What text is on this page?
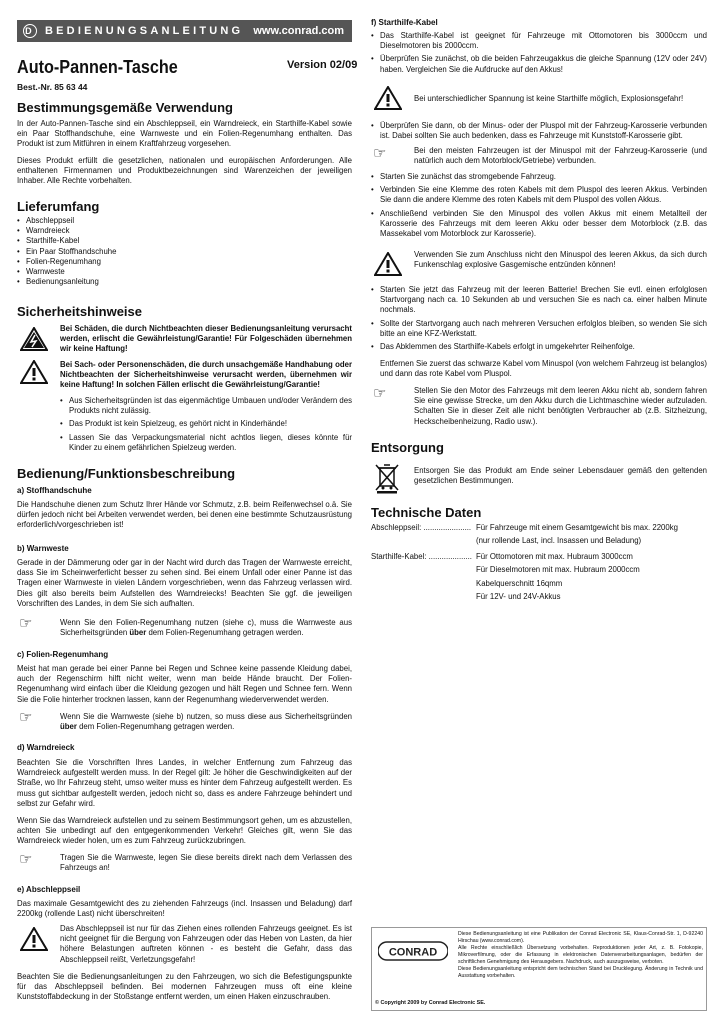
D BEDIENUNGSANLEITUNG www.conrad.com
Auto-Pannen-Tasche	Version 02/09
Best.-Nr. 85 63 44
Bestimmungsgemäße Verwendung
In der Auto-Pannen-Tasche sind ein Abschleppseil, ein Warndreieck, ein Starthilfe-Kabel sowie ein Paar Stoffhandschuhe, eine Warnweste und ein Folien-Regenumhang enthalten. Das Produkt ist zum Mitführen in einem Kraftfahrzeug vorgesehen.
Dieses Produkt erfüllt die gesetzlichen, nationalen und europäischen Anforderungen. Alle enthaltenen Firmennamen und Produktbezeichnungen sind Warenzeichen der jeweiligen Inhaber. Alle Rechte vorbehalten.
Lieferumfang
• Abschleppseil
• Warndreieck
• Starthilfe-Kabel
• Ein Paar Stoffhandschuhe
• Folien-Regenumhang
• Warnweste
• Bedienungsanleitung
Sicherheitshinweise
Bei Schäden, die durch Nichtbeachten dieser Bedienungsanleitung verursacht werden, erlischt die Gewährleistung/Garantie! Für Folgeschäden übernehmen wir keine Haftung!
Bei Sach- oder Personenschäden, die durch unsachgemäße Handhabung oder Nichtbeachten der Sicherheitshinweise verursacht werden, übernehmen wir keine Haftung! In solchen Fällen erlischt die Gewährleistung/Garantie!
• Aus Sicherheitsgründen ist das eigenmächtige Umbauen und/oder Verändern des Produkts nicht zulässig.
• Das Produkt ist kein Spielzeug, es gehört nicht in Kinderhände!
• Lassen Sie das Verpackungsmaterial nicht achtlos liegen, dieses könnte für Kinder zu einem gefährlichen Spielzeug werden.
Bedienung/Funktionsbeschreibung
a) Stoffhandschuhe
Die Handschuhe dienen zum Schutz Ihrer Hände vor Schmutz, z.B. beim Reifenwechsel o.ä. Sie dürfen jedoch nicht bei Arbeiten verwendet werden, bei denen eine bestimmte Schutzausrüstung erforderlich/vorgeschrieben ist!
b) Warnweste
Gerade in der Dämmerung oder gar in der Nacht wird durch das Tragen der Warnweste erreicht, dass Sie im Scheinwerferlicht besser zu sehen sind. Bei einem Unfall oder einer Panne ist das Tragen einer Warnweste in vielen Ländern vorgeschrieben, wenn das Fahrzeug verlassen wird. Dies gilt also bereits beim Aufstellen des Warndreiecks! Beachten Sie ggf. die jeweiligen Vorschriften des Landes, in dem Sie sich aufhalten.
☞	Wenn Sie den Folien-Regenumhang nutzen (siehe c), muss die Warnweste aus Sicherheitsgründen über dem Folien-Regenumhang getragen werden.
c) Folien-Regenumhang
Meist hat man gerade bei einer Panne bei Regen und Schnee keine passende Kleidung dabei, auch der Regenschirm hilft nicht weiter, wenn man beide Hände braucht. Der Folien-Regenumhang wird einfach über die Kleidung gezogen und hält Regen und Schnee fern. Wenn Sie die Folie hinterher trocknen lassen, kann der Regenumhang wiederverwendet werden.
☞	Wenn Sie die Warnweste (siehe b) nutzen, so muss diese aus Sicherheitsgründen über dem Folien-Regenumhang getragen werden.
d) Warndreieck
Beachten Sie die Vorschriften Ihres Landes, in welcher Entfernung zum Fahrzeug das Warndreieck aufgestellt werden muss. In der Regel gilt: Je höher die Geschwindigkeiten auf der Straße, wo Ihr Fahrzeug steht, umso weiter muss es hinter dem Fahrzeug aufgestellt werden. Es muss gut sichtbar aufgestellt werden, jedoch nicht so, dass es andere Fahrzeuge behindert und selbst zur Gefahr wird.
Wenn Sie das Warndreieck aufstellen und zu seinem Bestimmungsort gehen, um es abzustellen, achten Sie unbedingt auf den entgegenkommenden Verkehr! Gleiches gilt, wenn Sie das Warndreieck wieder holen, um es zum Fahrzeug zurückzubringen.
☞	Tragen Sie die Warnweste, legen Sie diese bereits direkt nach dem Verlassen des Fahrzeugs an!
e) Abschleppseil
Das maximale Gesamtgewicht des zu ziehenden Fahrzeugs (incl. Insassen und Beladung) darf 2200kg (rollende Last) nicht überschreiten!
Das Abschleppseil ist nur für das Ziehen eines rollenden Fahrzeugs geeignet. Es ist nicht geeignet für die Bergung von Fahrzeugen oder das Heben von Lasten, da hier höhere Belastungen auftreten können - es besteht die Gefahr, dass das Abschleppseil reißt, Verletzungsgefahr!
Beachten Sie die Bedienungsanleitungen zu den Fahrzeugen, wo sich die Befestigungspunkte für das Abschleppseil befinden. Bei modernen Fahrzeugen muss oft eine kleine Kunststoffabdeckung in der Stoßstange entfernt werden, um einen Haken einzuschrauben.
f) Starthilfe-Kabel
• Das Starthilfe-Kabel ist geeignet für Fahrzeuge mit Ottomotoren bis 3000ccm und Dieselmotoren bis 2000ccm.
• Überprüfen Sie zunächst, ob die beiden Fahrzeugakkus die gleiche Spannung (12V oder 24V) haben. Vergleichen Sie die Aufdrucke auf den Akkus!
Bei unterschiedlicher Spannung ist keine Starthilfe möglich, Explosionsgefahr!
• Überprüfen Sie dann, ob der Minus- oder der Pluspol mit der Fahrzeug-Karosserie verbunden ist. Dabei sollten Sie auch bedenken, dass es Fahrzeuge mit Kunststoff-Karosserie gibt.
☞	Bei den meisten Fahrzeugen ist der Minuspol mit der Fahrzeug-Karosserie (und natürlich auch dem Motorblock/Getriebe) verbunden.
• Starten Sie zunächst das stromgebende Fahrzeug.
• Verbinden Sie eine Klemme des roten Kabels mit dem Pluspol des leeren Akkus. Verbinden Sie dann die andere Klemme des roten Kabels mit dem Pluspol des vollen Akkus.
• Anschließend verbinden Sie den Minuspol des vollen Akkus mit einem Metallteil der Karosserie des Fahrzeugs mit dem leeren Akku oder besser dem Motorblock (z.B. das Massekabel vom Motorblock zur Karosserie).
Verwenden Sie zum Anschluss nicht den Minuspol des leeren Akkus, da sich durch Funkenschlag explosive Gasgemische entzünden können!
• Starten Sie jetzt das Fahrzeug mit der leeren Batterie! Brechen Sie evtl. einen erfolglosen Startvorgang nach ca. 10 Sekunden ab und versuchen Sie es nach ca. einer halben Minute nochmals.
• Sollte der Startvorgang auch nach mehreren Versuchen erfolglos bleiben, so wenden Sie sich bitte an eine KFZ-Werkstatt.
• Das Abklemmen des Starthilfe-Kabels erfolgt in umgekehrter Reihenfolge.
Entfernen Sie zuerst das schwarze Kabel vom Minuspol (von welchem Fahrzeug ist belanglos) und dann das rote Kabel vom Pluspol.
☞	Stellen Sie den Motor des Fahrzeugs mit dem leeren Akku nicht ab, sondern fahren Sie eine gewisse Strecke, um den Akku durch die Lichtmaschine wieder aufzuladen. Schalten Sie in dieser Zeit alle nicht benötigten Verbraucher ab (z.B. Sitzheizung, Heckscheibenheizung, Radio usw.).
Entsorgung
Entsorgen Sie das Produkt am Ende seiner Lebensdauer gemäß den geltenden gesetzlichen Bestimmungen.
Technische Daten
Abschleppseil: ...................... Für Fahrzeuge mit einem Gesamtgewicht bis max. 2200kg
(nur rollende Last, incl. Insassen und Beladung)
Starthilfe-Kabel: .................... Für Ottomotoren mit max. Hubraum 3000ccm
Für Dieselmotoren mit max. Hubraum 2000ccm
Kabelquerschnitt 16qmm
Für 12V- und 24V-Akkus
CONRAD
Diese Bedienungsanleitung ist eine Publikation der Conrad Electronic SE, Klaus-Conrad-Str. 1, D-92240 Hirschau (www.conrad.com).
Alle Rechte einschließlich Übersetzung vorbehalten. Reproduktionen jeder Art, z. B. Fotokopie, Mikroverfilmung, oder die Erfassung in elektronischen Datenverarbeitungsanlagen, bedürfen der schriftlichen Genehmigung des Herausgebers. Nachdruck, auch auszugsweise, verboten.
Diese Bedienungsanleitung entspricht dem technischen Stand bei Drucklegung. Änderung in Technik und Ausstattung vorbehalten.
© Copyright 2009 by Conrad Electronic SE.
